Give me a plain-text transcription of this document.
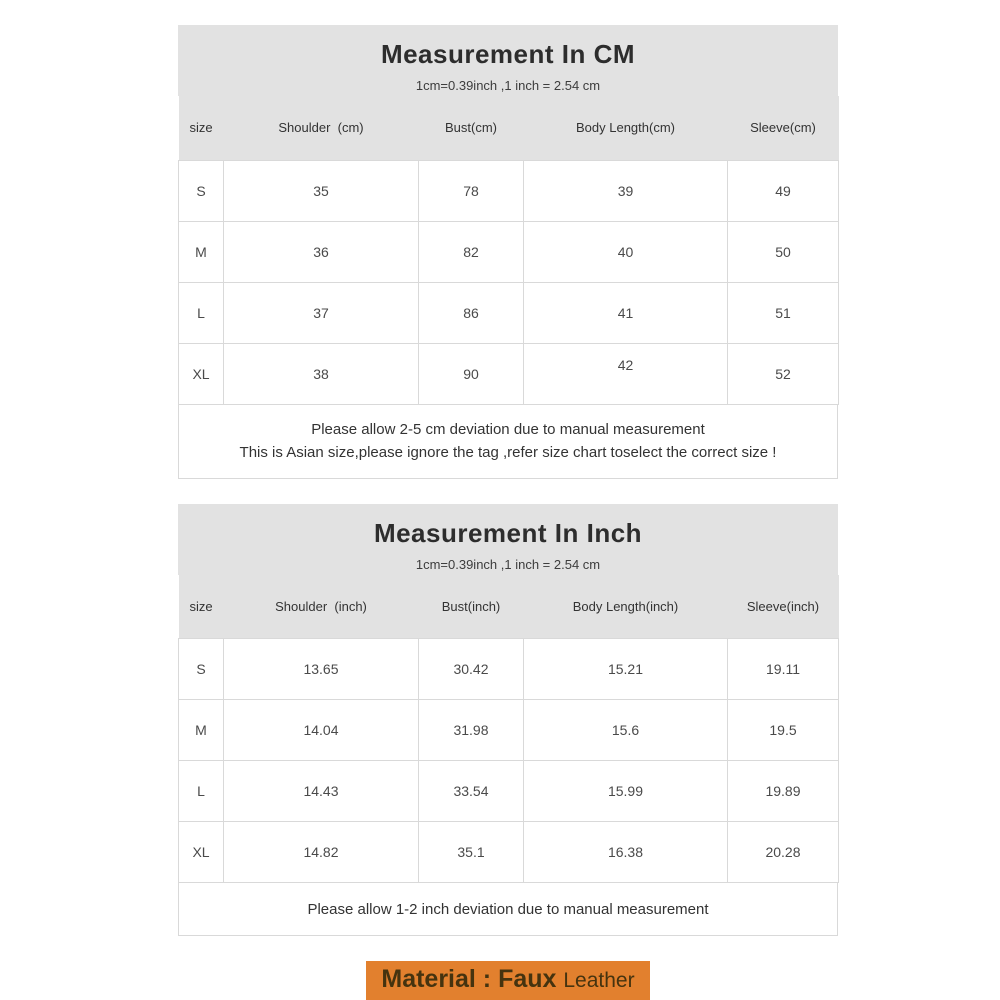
Measurement In CM
1cm=0.39inch ,1 inch = 2.54 cm
size	Shoulder  (cm)	Bust(cm)	Body Length(cm)	Sleeve(cm)
S	35	78	39	49
M	36	82	40	50
L	37	86	41	51
XL	38	90	42	52

Please allow 2-5 cm deviation due to manual measurement

This is Asian size,please ignore the tag ,refer size chart toselect the correct size !

Measurement In Inch
1cm=0.39inch ,1 inch = 2.54 cm
size	Shoulder  (inch)	Bust(inch)	Body Length(inch)	Sleeve(inch)
S	13.65	30.42	15.21	19.11
M	14.04	31.98	15.6	19.5
L	14.43	33.54	15.99	19.89
XL	14.82	35.1	16.38	20.28

Please allow 1-2 inch deviation due to manual measurement

Material : Faux Leather
